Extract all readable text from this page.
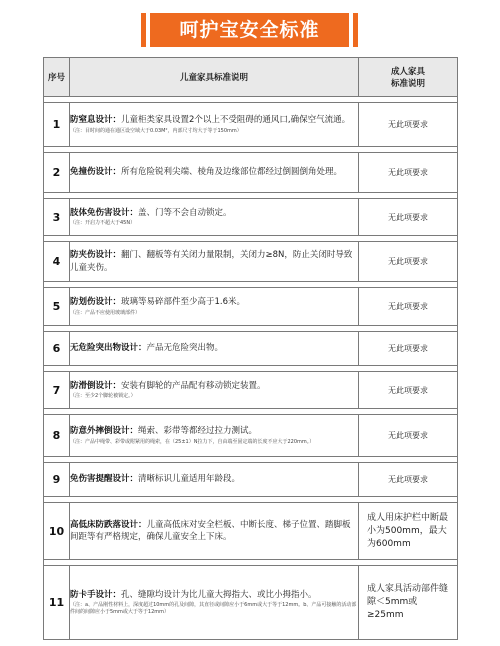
呵护宝安全标准
序号	儿童家具标准说明	成人家具
标准说明

1	防窒息设计：儿童柜类家具设置2个以上不受阻碍的通风口,确保空气流通。
（注：目时间的通在通区设空域大于0.03M²，内部尺寸均大于等于150mm）	无此项要求

2	免撞伤设计：所有危险锐利尖端、棱角及边缘部位都经过倒圆倒角处理。	无此项要求

3	肢体免伤害设计：盖、门等不会自动锁定。
（注：开启力不超大于45N）	无此项要求

4	防夹伤设计：翻门、翻板等有关闭力量限制，关闭力≥8N，防止关闭时导致儿童夹伤。	无此项要求

5	防划伤设计：玻璃等易碎部件至少高于1.6米。
（注：产品不应使用玻璃部件）	无此项要求

6	无危险突出物设计：产品无危险突出物。	无此项要求

7	防滑倒设计：安装有脚轮的产品配有移动锁定装置。
（注：至少2个脚轮被锁定。）	无此项要求

8	防意外摔倒设计：绳索、彩带等都经过拉力测试。
（注：产品中绳带、彩带或附紧用的绳索，在（25±1）N拉力下，自由端至固定端的长度不应大于220mm。）	无此项要求

9	免伤害提醒设计：清晰标识儿童适用年龄段。	无此项要求

10	高低床防跌落设计：儿童高低床对安全栏板、中断长度、梯子位置、踏脚板间距等有严格规定，确保儿童安全上下床。	成人用床护栏中断最小为500mm，最大为600mm

11	防卡手设计：孔、缝隙均设计为比儿童大拇指大、或比小拇指小。
（注：a、产品刚性材料上，深度超过10mm的孔及间隙，其直径或间隙应小于6mm或大于等于12mm。b、产品可接触的活动部件间的间隙应小于5mm或大于等于12mm）	成人家具活动部件缝隙＜5mm或≥25mm
